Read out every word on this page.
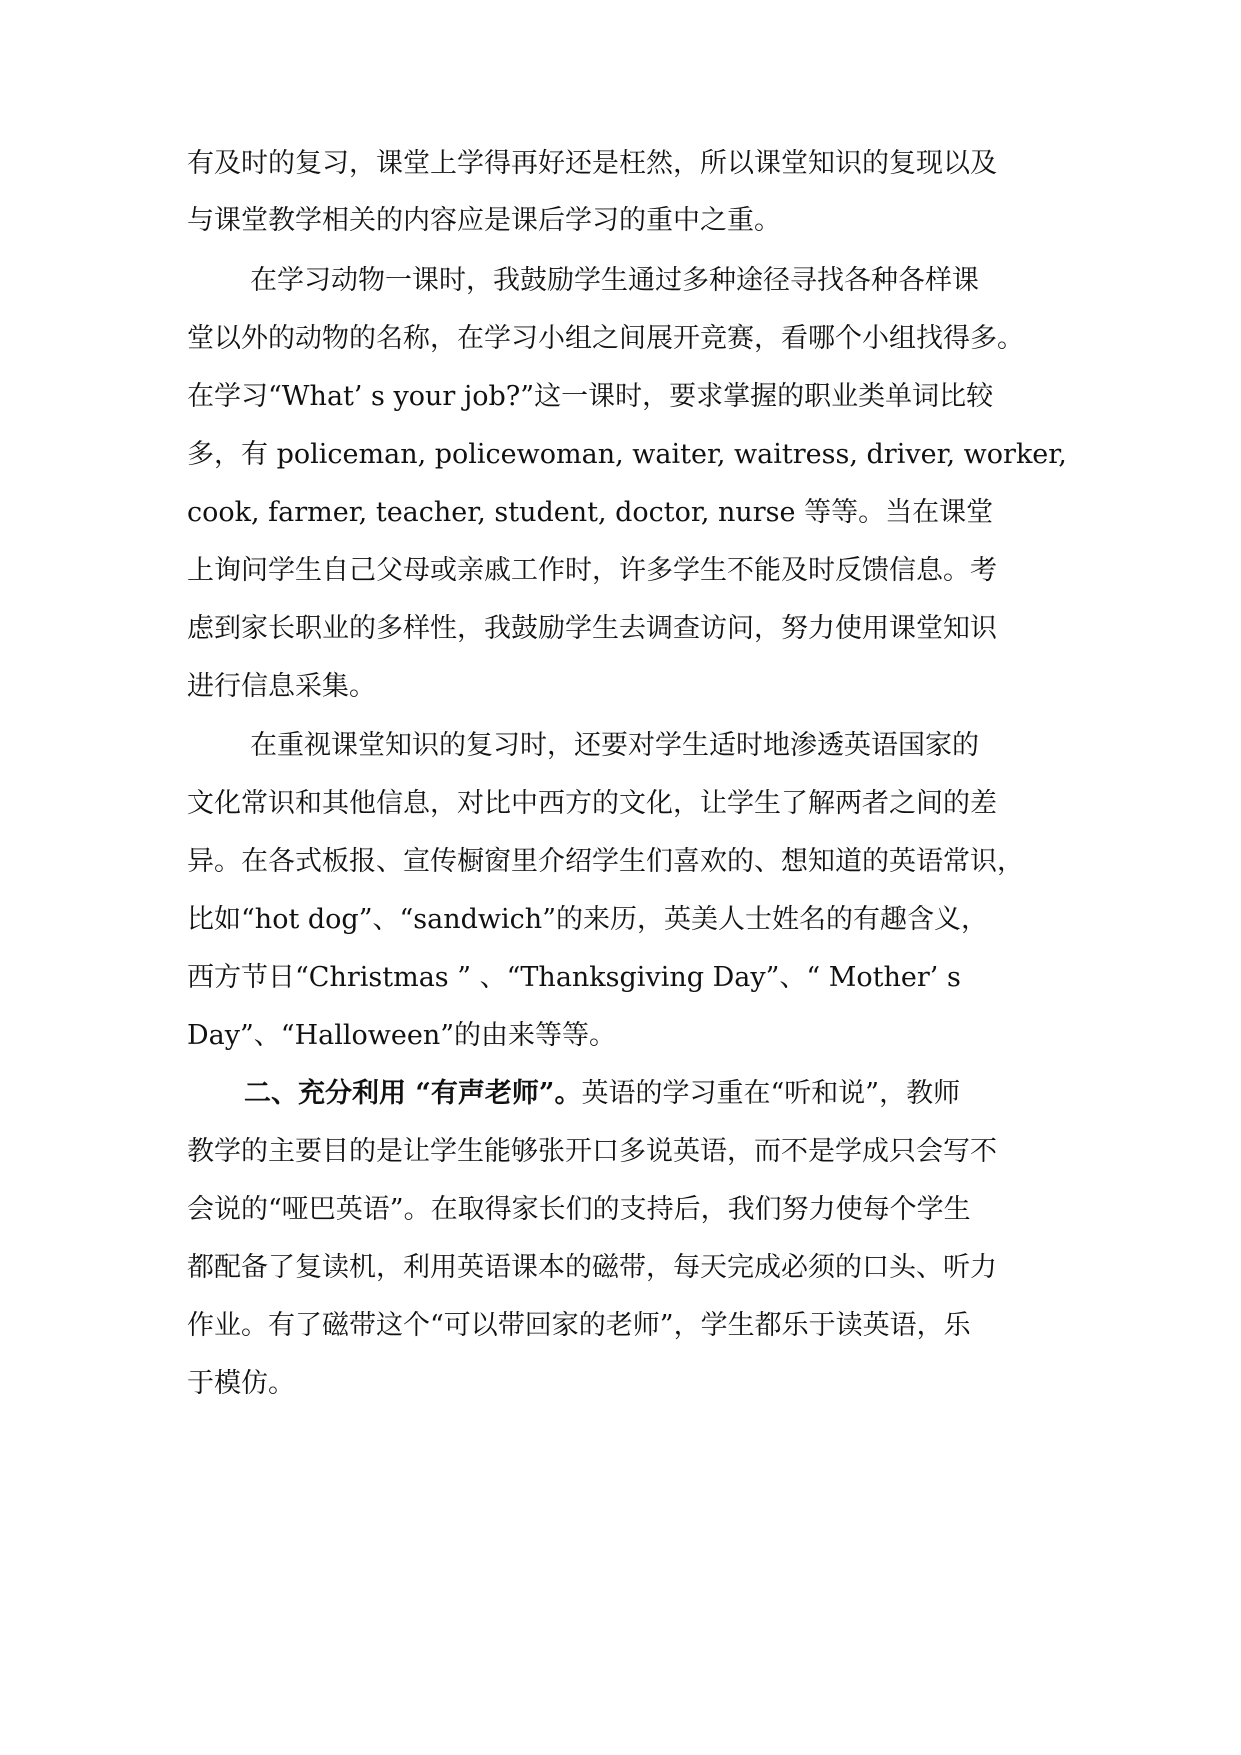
有及时的复习，课堂上学得再好还是枉然，所以课堂知识的复现以及
与课堂教学相关的内容应是课后学习的重中之重。
在学习动物一课时，我鼓励学生通过多种途径寻找各种各样课
堂以外的动物的名称，在学习小组之间展开竞赛，看哪个小组找得多。
在学习“What’ s your job?”这一课时，要求掌握的职业类单词比较
多，有 policeman, policewoman, waiter, waitress, driver, worker,
cook, farmer, teacher, student, doctor, nurse 等等。当在课堂
上询问学生自己父母或亲戚工作时，许多学生不能及时反馈信息。考
虑到家长职业的多样性，我鼓励学生去调查访问，努力使用课堂知识
进行信息采集。
在重视课堂知识的复习时，还要对学生适时地渗透英语国家的
文化常识和其他信息，对比中西方的文化，让学生了解两者之间的差
异。在各式板报、宣传橱窗里介绍学生们喜欢的、想知道的英语常识，
比如“hot dog”、“sandwich”的来历，英美人士姓名的有趣含义，
西方节日“Christmas ” 、“Thanksgiving Day”、“ Mother’ s
Day”、“Halloween”的由来等等。
二、充分利用 “有声老师”。英语的学习重在“听和说”，教师
教学的主要目的是让学生能够张开口多说英语，而不是学成只会写不
会说的“哑巴英语”。在取得家长们的支持后，我们努力使每个学生
都配备了复读机，利用英语课本的磁带，每天完成必须的口头、听力
作业。有了磁带这个“可以带回家的老师”，学生都乐于读英语，乐
于模仿。
